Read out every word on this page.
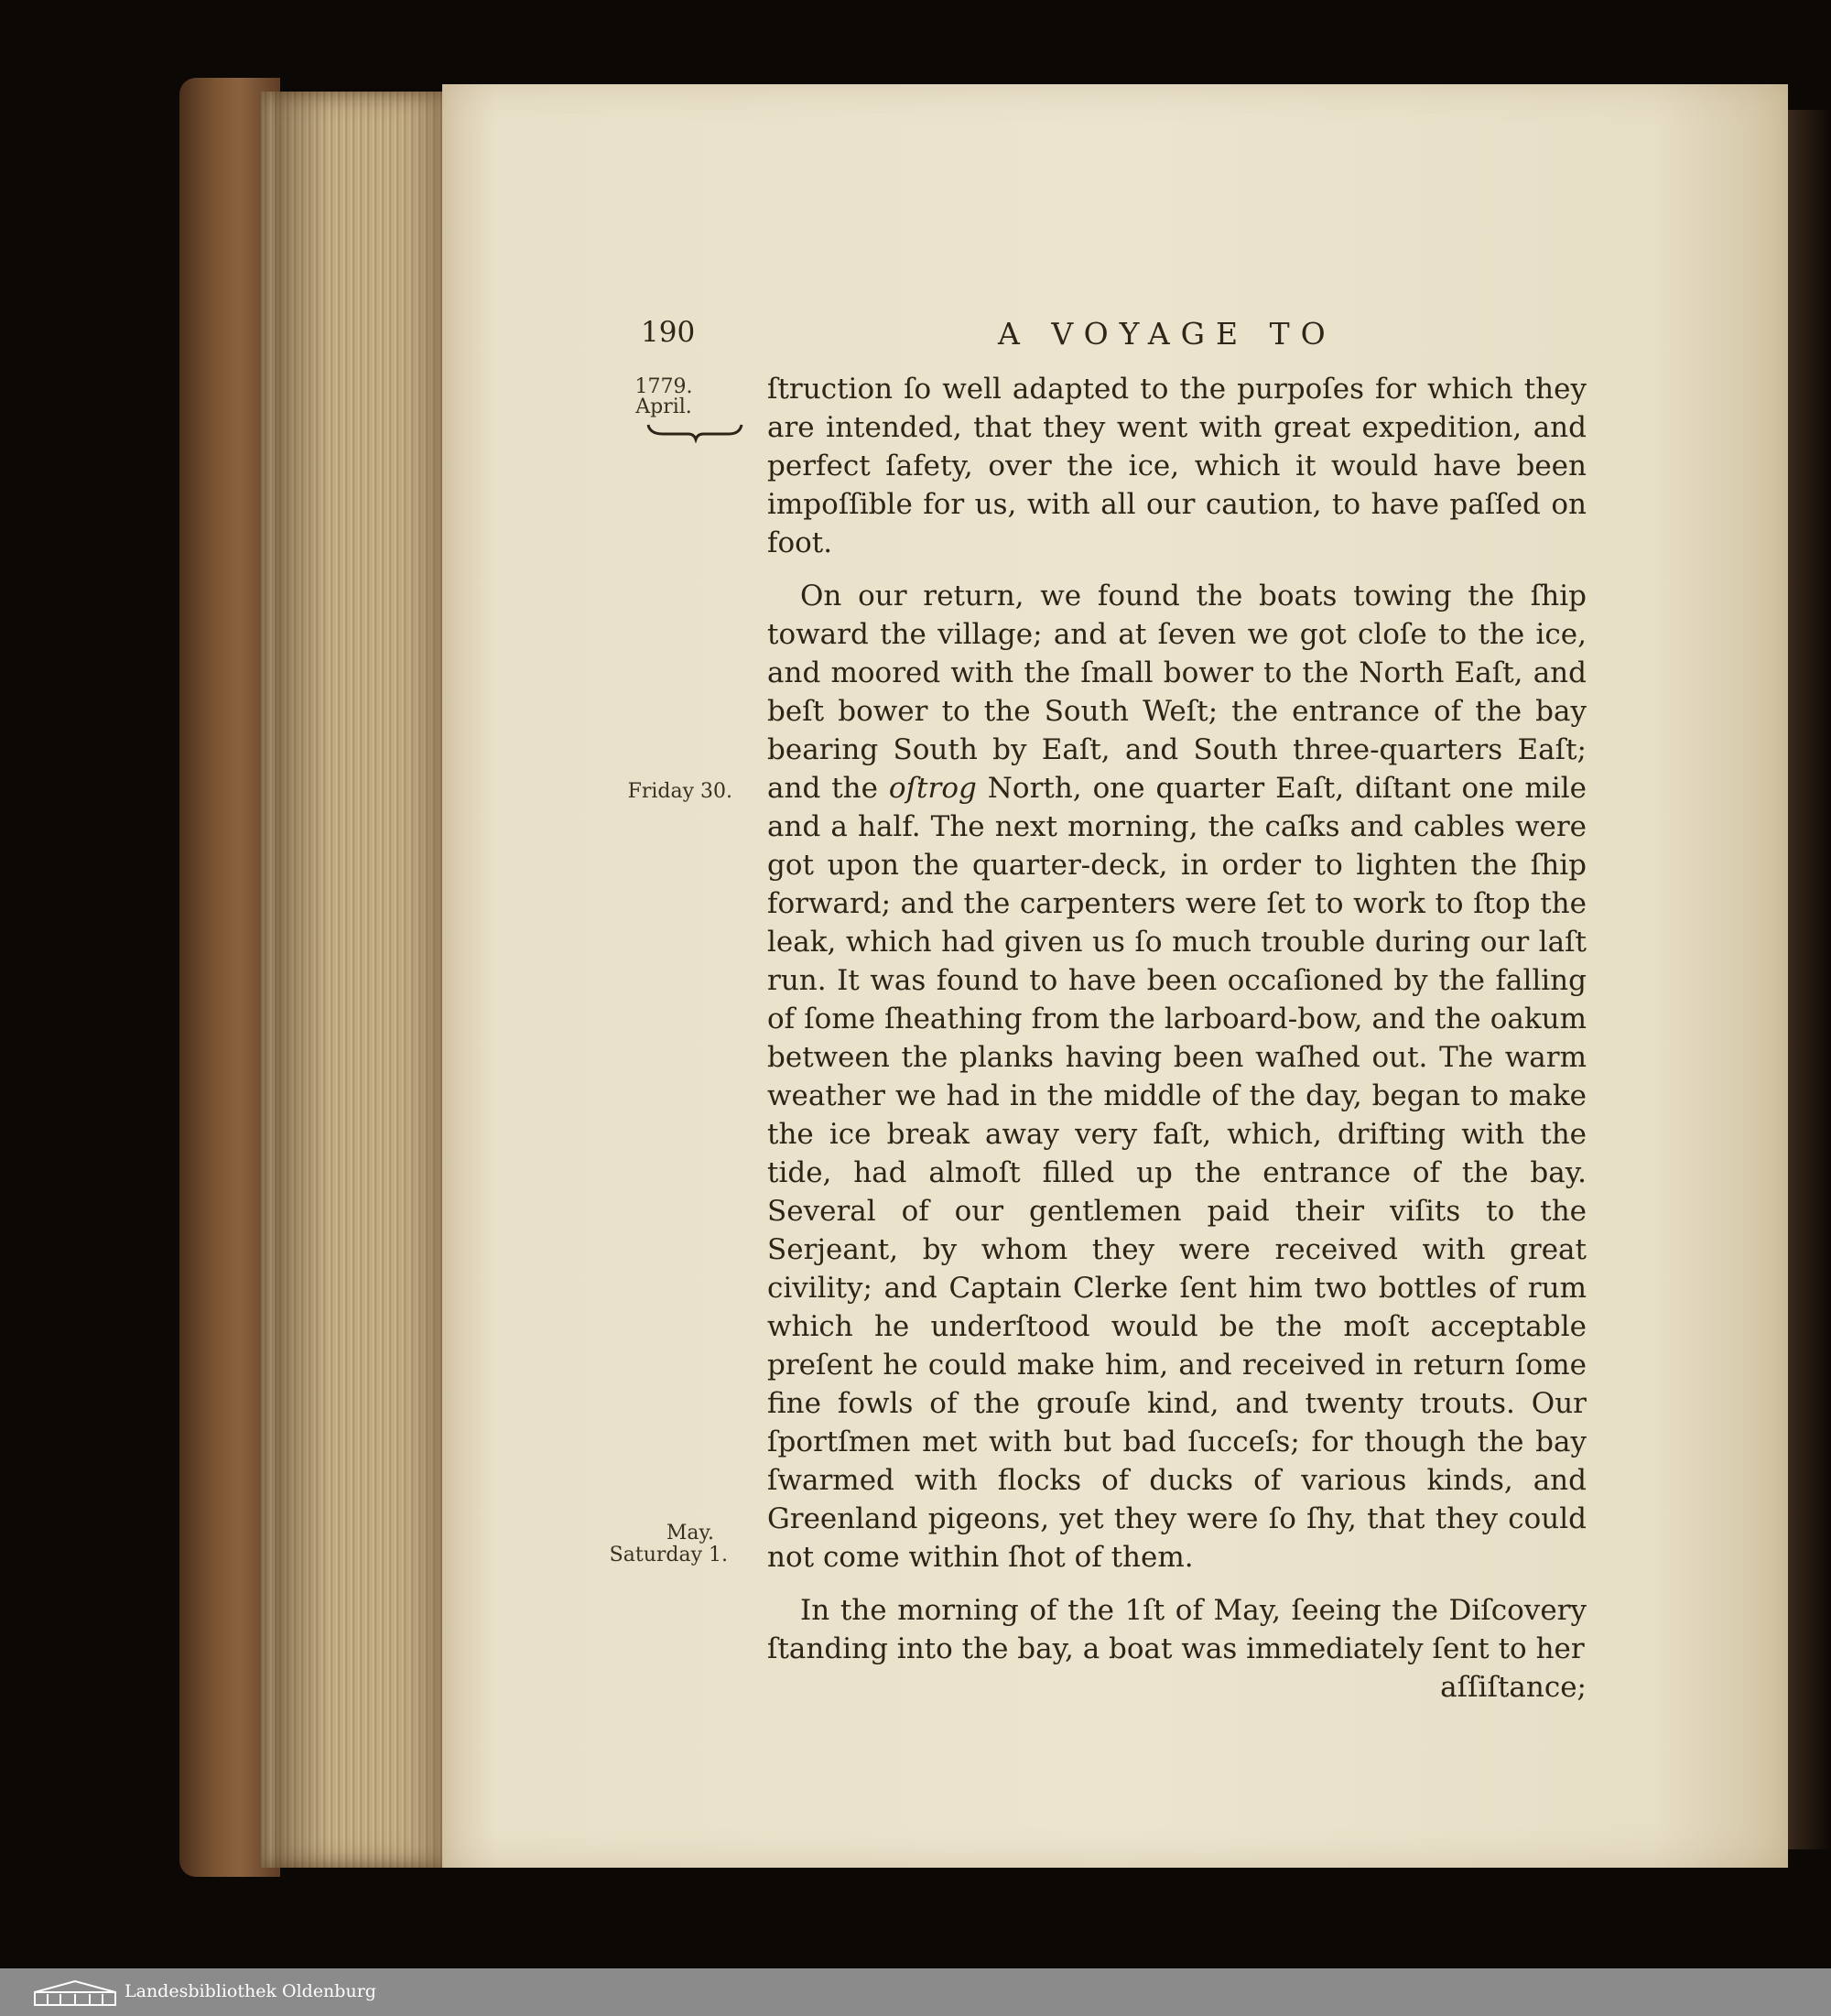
190	A VOYAGE TO
1779.
April.
Friday 30.
May.
Saturday 1.

ſtruction ſo well adapted to the purpoſes for which they are intended, that they went with great expedition, and perfect ſafety, over the ice, which it would have been impoſſible for us, with all our caution, to have paſſed on foot.

On our return, we found the boats towing the ſhip toward the village; and at ſeven we got cloſe to the ice, and moored with the ſmall bower to the North Eaſt, and beſt bower to the South Weſt; the entrance of the bay bearing South by Eaſt, and South three-quarters Eaſt; and the oſtrog North, one quarter Eaſt, diſtant one mile and a half. The next morning, the caſks and cables were got upon the quarter-deck, in order to lighten the ſhip forward; and the carpenters were ſet to work to ſtop the leak, which had given us ſo much trouble during our laſt run. It was found to have been occaſioned by the falling of ſome ſheathing from the larboard-bow, and the oakum between the planks having been waſhed out. The warm weather we had in the middle of the day, began to make the ice break away very faſt, which, drifting with the tide, had almoſt filled up the entrance of the bay. Several of our gentlemen paid their viſits to the Serjeant, by whom they were received with great civility; and Captain Clerke ſent him two bottles of rum which he underſtood would be the moſt acceptable preſent he could make him, and received in return ſome fine fowls of the grouſe kind, and twenty trouts. Our ſportſmen met with but bad ſucceſs; for though the bay ſwarmed with flocks of ducks of various kinds, and Greenland pigeons, yet they were ſo ſhy, that they could not come within ſhot of them.

In the morning of the 1ſt of May, ſeeing the Diſcovery ſtanding into the bay, a boat was immediately ſent to her

aſſiſtance;

Landesbibliothek Oldenburg
